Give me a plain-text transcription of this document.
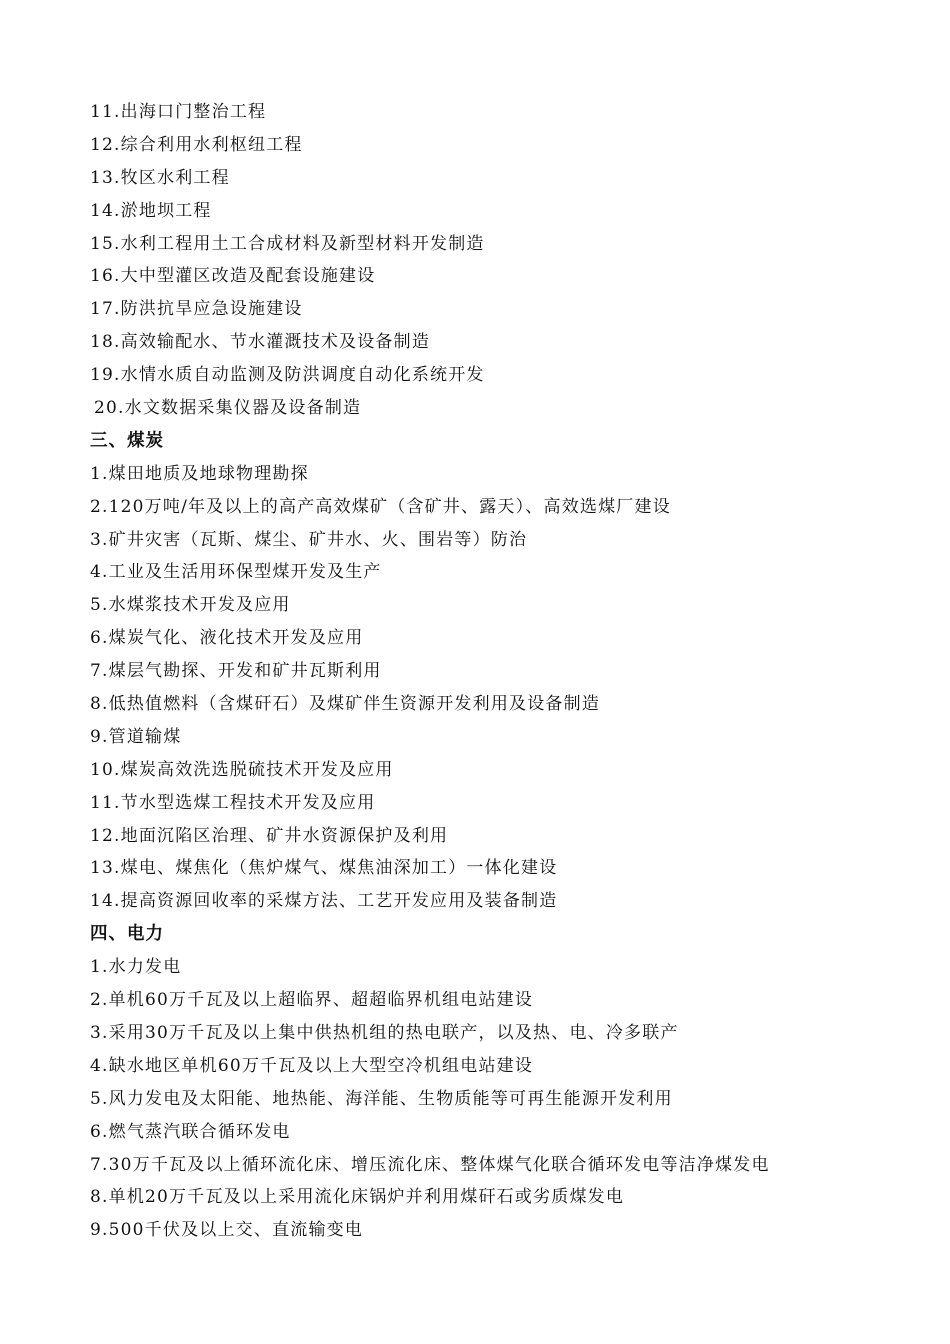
11.出海口门整治工程
12.综合利用水利枢纽工程
13.牧区水利工程
14.淤地坝工程
15.水利工程用土工合成材料及新型材料开发制造
16.大中型灌区改造及配套设施建设
17.防洪抗旱应急设施建设
18.高效输配水、节水灌溉技术及设备制造
19.水情水质自动监测及防洪调度自动化系统开发
20.水文数据采集仪器及设备制造
三、煤炭
1.煤田地质及地球物理勘探
2.120万吨/年及以上的高产高效煤矿（含矿井、露天）、高效选煤厂建设
3.矿井灾害（瓦斯、煤尘、矿井水、火、围岩等）防治
4.工业及生活用环保型煤开发及生产
5.水煤浆技术开发及应用
6.煤炭气化、液化技术开发及应用
7.煤层气勘探、开发和矿井瓦斯利用
8.低热值燃料（含煤矸石）及煤矿伴生资源开发利用及设备制造
9.管道输煤
10.煤炭高效洗选脱硫技术开发及应用
11.节水型选煤工程技术开发及应用
12.地面沉陷区治理、矿井水资源保护及利用
13.煤电、煤焦化（焦炉煤气、煤焦油深加工）一体化建设
14.提高资源回收率的采煤方法、工艺开发应用及装备制造
四、电力
1.水力发电
2.单机60万千瓦及以上超临界、超超临界机组电站建设
3.采用30万千瓦及以上集中供热机组的热电联产，以及热、电、冷多联产
4.缺水地区单机60万千瓦及以上大型空冷机组电站建设
5.风力发电及太阳能、地热能、海洋能、生物质能等可再生能源开发利用
6.燃气蒸汽联合循环发电
7.30万千瓦及以上循环流化床、增压流化床、整体煤气化联合循环发电等洁净煤发电
8.单机20万千瓦及以上采用流化床锅炉并利用煤矸石或劣质煤发电
9.500千伏及以上交、直流输变电
